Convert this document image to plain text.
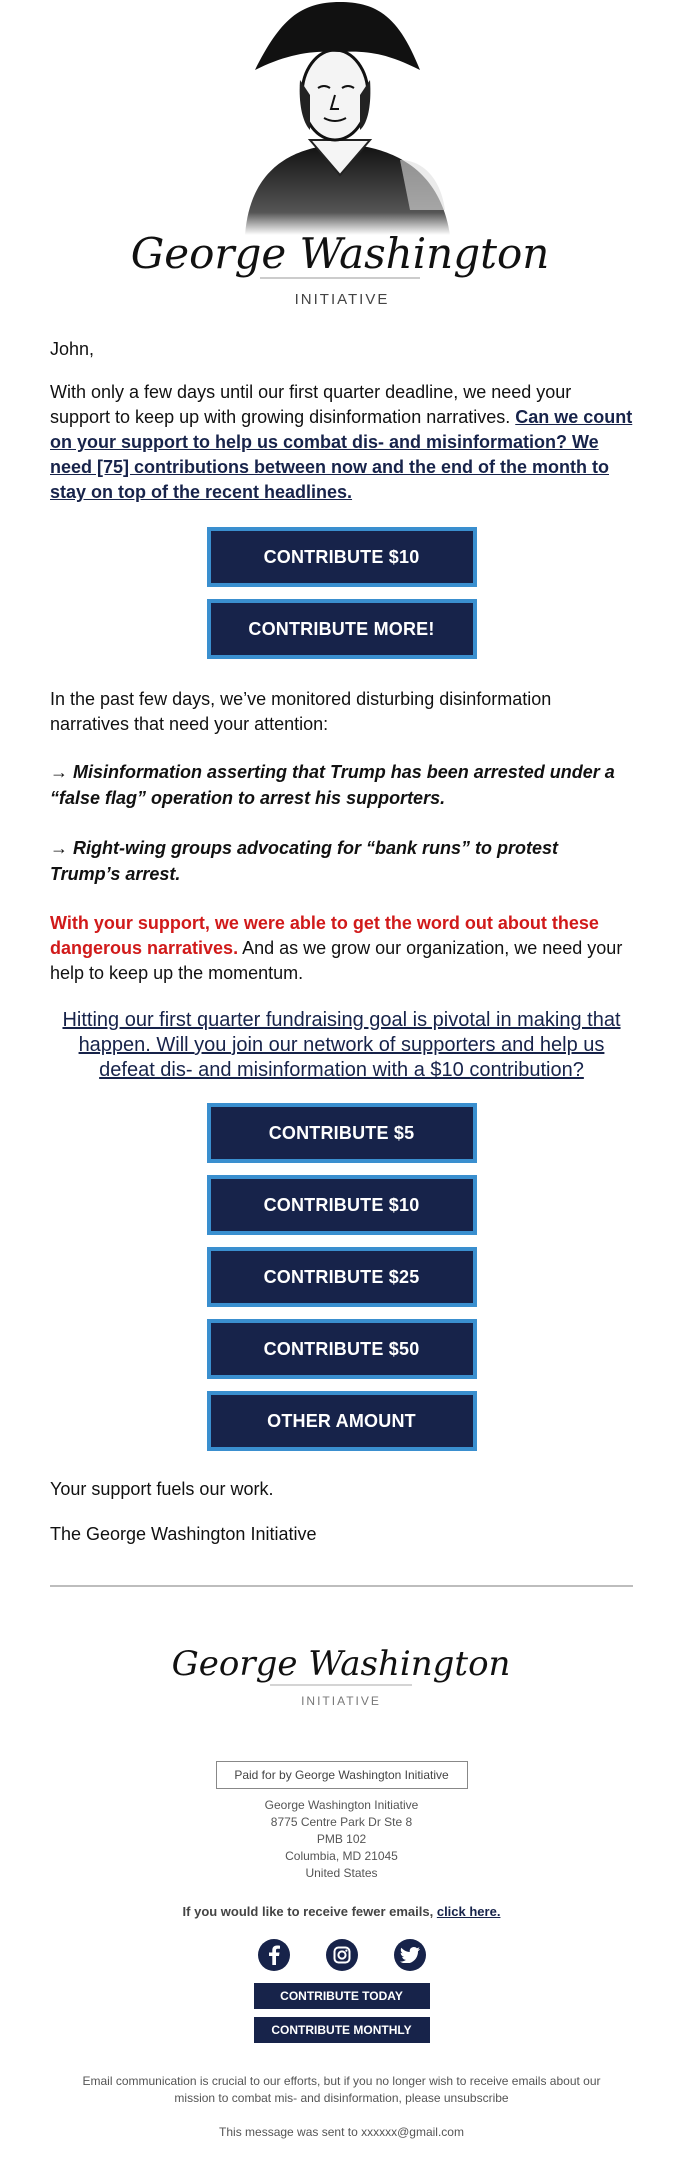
George Washington
INITIATIVE

John,

With only a few days until our first quarter deadline, we need your support to keep up with growing disinformation narratives. Can we count on your support to help us combat dis- and misinformation? We need [75] contributions between now and the end of the month to stay on top of the recent headlines.

CONTRIBUTE $10
CONTRIBUTE MORE!

In the past few days, we’ve monitored disturbing disinformation narratives that need your attention:

→ Misinformation asserting that Trump has been arrested under a “false flag” operation to arrest his supporters.

→ Right-wing groups advocating for “bank runs” to protest Trump’s arrest.

With your support, we were able to get the word out about these dangerous narratives. And as we grow our organization, we need your help to keep up the momentum.

Hitting our first quarter fundraising goal is pivotal in making that happen. Will you join our network of supporters and help us defeat dis- and misinformation with a $10 contribution?

CONTRIBUTE $5
CONTRIBUTE $10
CONTRIBUTE $25
CONTRIBUTE $50
OTHER AMOUNT

Your support fuels our work.

The George Washington Initiative

George Washington
INITIATIVE
Paid for by George Washington Initiative
George Washington Initiative
8775 Centre Park Dr Ste 8
PMB 102
Columbia, MD 21045
United States
If you would like to receive fewer emails, click here.
CONTRIBUTE TODAY
CONTRIBUTE MONTHLY
Email communication is crucial to our efforts, but if you no longer wish to receive emails about our mission to combat mis- and disinformation, please unsubscribe
This message was sent to xxxxxx@gmail.com
